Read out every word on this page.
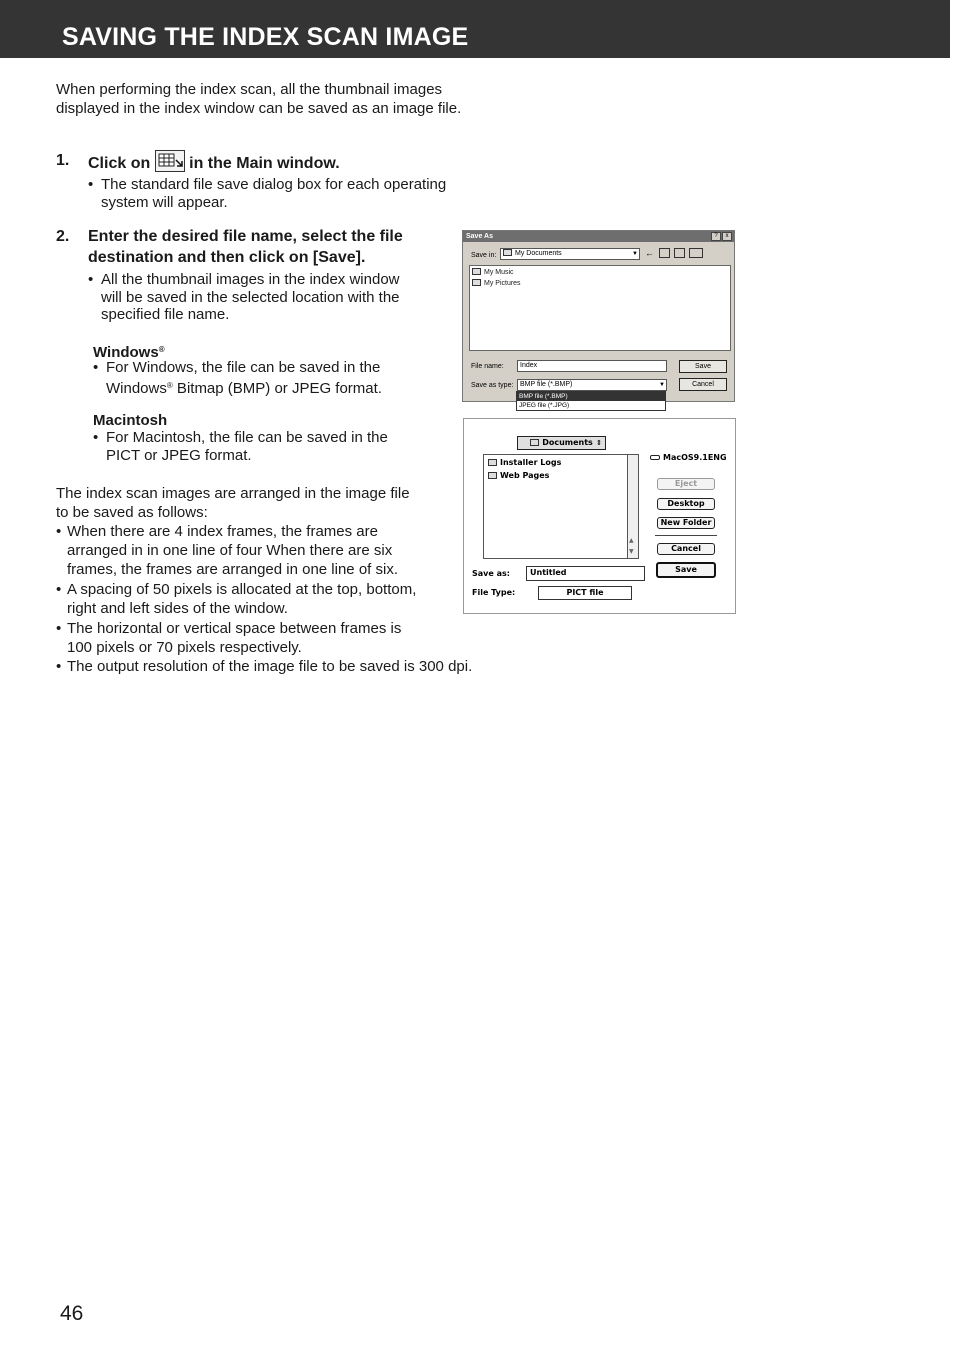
SAVING THE INDEX SCAN IMAGE
When performing the index scan, all the thumbnail images
displayed in the index window can be saved as an image file.
1. Click on in the Main window.
• The standard file save dialog box for each operating
system will appear.
2. Enter the desired file name, select the file
destination and then click on [Save].
• All the thumbnail images in the index window
will be saved in the selected location with the
specified file name.
Windows®
• For Windows, the file can be saved in the
Windows® Bitmap (BMP) or JPEG format.
Macintosh
• For Macintosh, the file can be saved in the
PICT or JPEG format.
The index scan images are arranged in the image file
to be saved as follows:
• When there are 4 index frames, the frames are
arranged in in one line of four When there are six
frames, the frames are arranged in one line of six.
• A spacing of 50 pixels is allocated at the top, bottom,
right and left sides of the window.
• The horizontal or vertical space between frames is
100 pixels or 70 pixels respectively.
• The output resolution of the image file to be saved is 300 dpi.
Save As	?	x
Save in:	My Documents	▼ ←
My Music
My Pictures
File name:	Index	Save
Save as type: BMP file (*.BMP)	▼	Cancel
BMP file (*.BMP)
JPEG file (*.JPG)
Documents ⇕
Installer Logs
Web Pages
▲
▼
MacOS9.1ENG
Eject
Desktop
New Folder
Cancel
Save
Save as:	Untitled
File Type:	PICT file
46
